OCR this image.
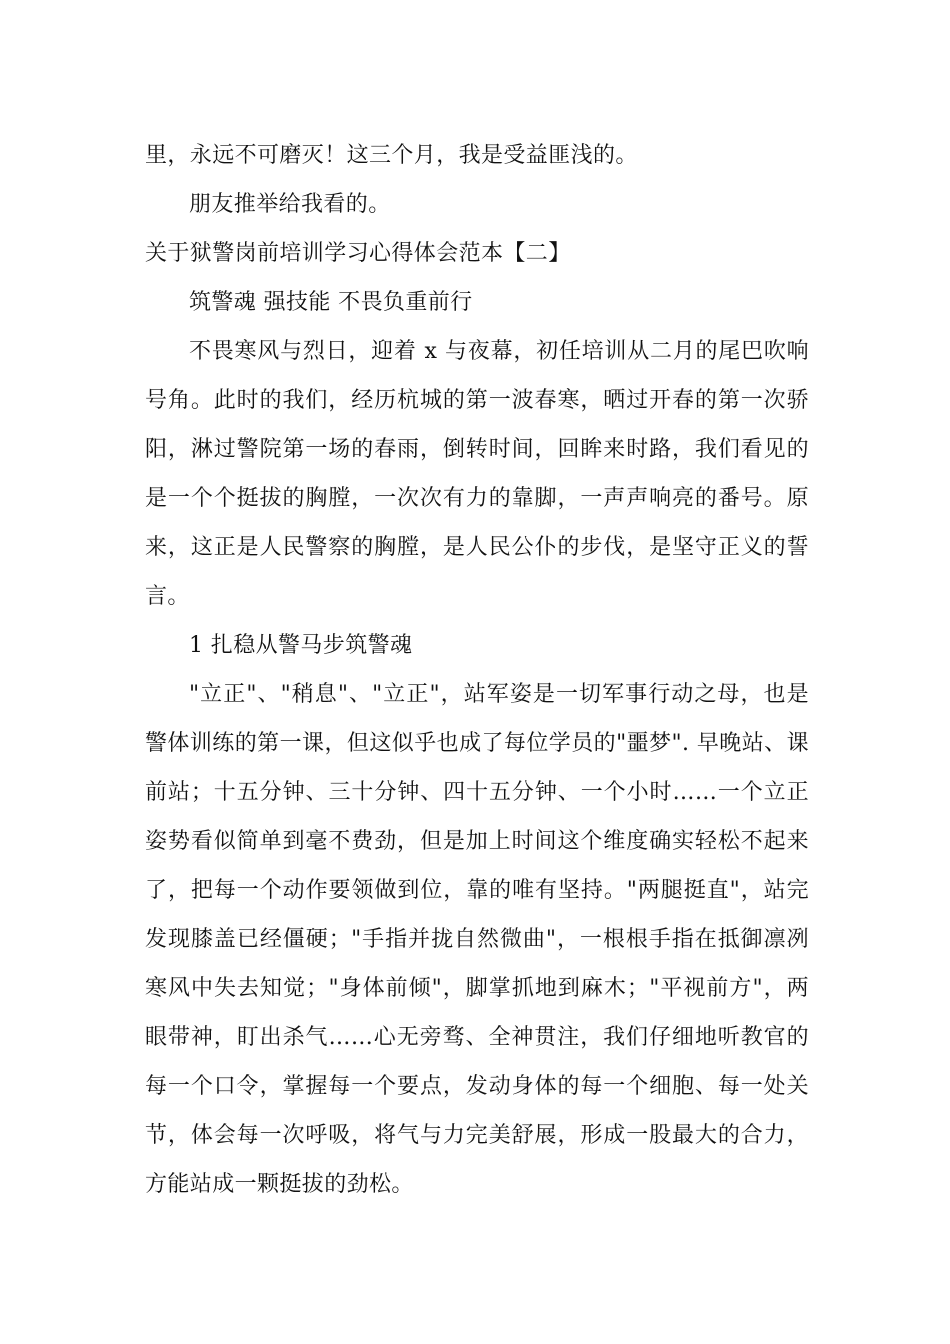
里，永远不可磨灭！这三个月，我是受益匪浅的。

朋友推举给我看的。

关于狱警岗前培训学习心得体会范本【二】

筑警魂 强技能 不畏负重前行

不畏寒风与烈日，迎着 x 与夜幕，初任培训从二月的尾巴吹响号角。此时的我们，经历杭城的第一波春寒，晒过开春的第一次骄阳，淋过警院第一场的春雨，倒转时间，回眸来时路，我们看见的是一个个挺拔的胸膛，一次次有力的靠脚，一声声响亮的番号。原来，这正是人民警察的胸膛，是人民公仆的步伐，是坚守正义的誓言。

1 扎稳从警马步筑警魂

"立正"、"稍息"、"立正"，站军姿是一切军事行动之母，也是警体训练的第一课，但这似乎也成了每位学员的"噩梦". 早晚站、课前站；十五分钟、三十分钟、四十五分钟、一个小时……一个立正姿势看似简单到毫不费劲，但是加上时间这个维度确实轻松不起来了，把每一个动作要领做到位，靠的唯有坚持。"两腿挺直"，站完发现膝盖已经僵硬；"手指并拢自然微曲"，一根根手指在抵御凛冽寒风中失去知觉；"身体前倾"，脚掌抓地到麻木；"平视前方"，两眼带神，盯出杀气……心无旁骛、全神贯注，我们仔细地听教官的每一个口令，掌握每一个要点，发动身体的每一个细胞、每一处关节，体会每一次呼吸，将气与力完美舒展，形成一股最大的合力，方能站成一颗挺拔的劲松。
